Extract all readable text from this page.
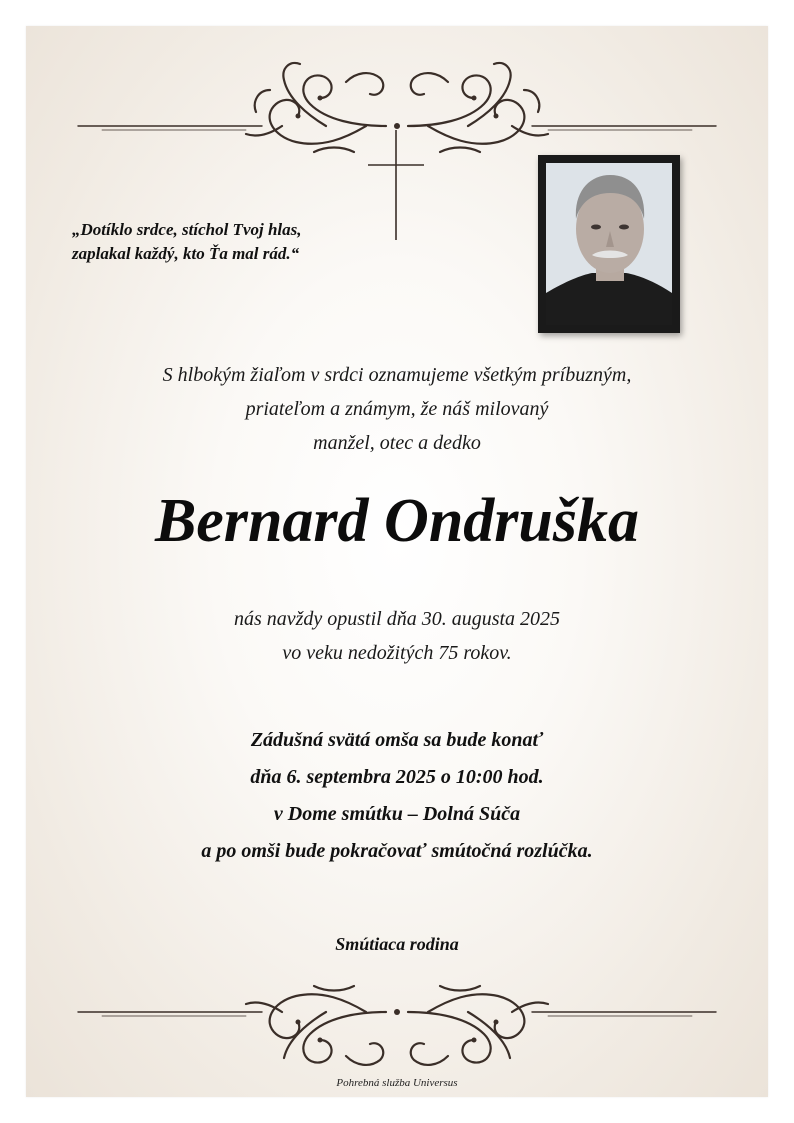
„Dotíklo srdce, stíchol Tvoj hlas,
zaplakal každý, kto Ťa mal rád.“
S hlbokým žiaľom v srdci oznamujeme všetkým príbuzným,
priateľom a známym, že náš milovaný
manžel, otec a dedko
Bernard Ondruška
nás navždy opustil dňa 30. augusta 2025
vo veku nedožitých 75 rokov.
Zádušná svätá omša sa bude konať
dňa 6. septembra 2025 o 10:00 hod.
v Dome smútku – Dolná Súča
a po omši bude pokračovať smútočná rozlúčka.
Smútiaca rodina
Pohrebná služba Universus
